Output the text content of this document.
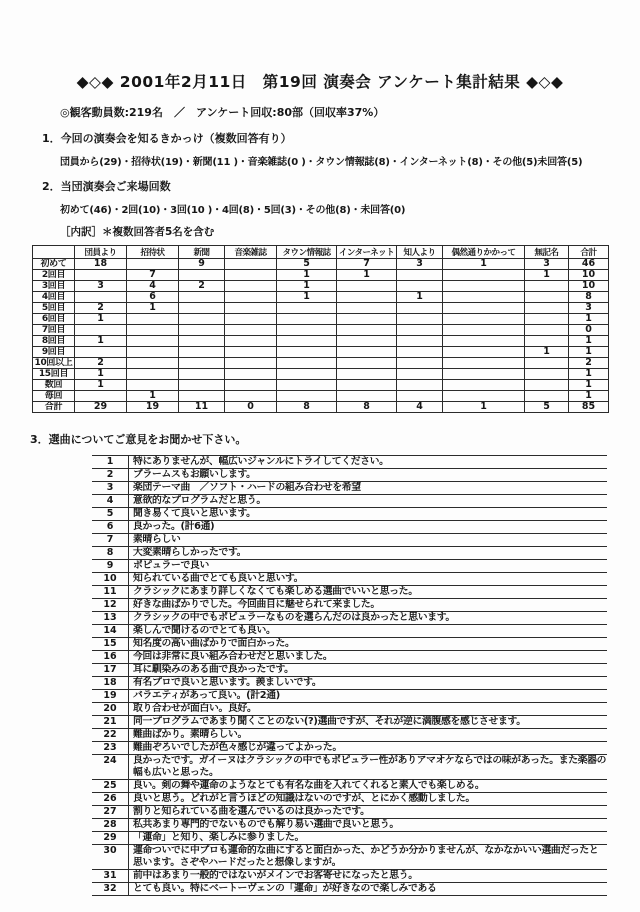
◆◇◆ 2001年2月11日　第19回 演奏会 アンケート集計結果 ◆◇◆
◎観客動員数:219名　／　アンケート回収:80部（回収率37%）
1．今回の演奏会を知るきかっけ（複数回答有り）
団員から(29)・招待状(19)・新聞(11 )・音楽雑誌(0 )・タウン情報誌(8)・インターネット(8)・その他(5)未回答(5)
2．当団演奏会ご来場回数
初めて(46)・2回(10)・3回(10 )・4回(8)・5回(3)・その他(8)・未回答(0)
［内訳］＊複数回答者5名を含む
	団員より	招待状	新聞	音楽雑誌	タウン情報誌	インターネット	知人より	偶然通りかかって	無記名	合計
初めて	18		9		5	7	3	1	3	46
2回目		7			1	1			1	10
3回目	3	4	2		1					10
4回目		6			1		1			8
5回目	2	1								3
6回目	1									1
7回目										0
8回目	1									1
9回目									1	1
10回以上	2									2
15回目	1									1
数回	1									1
毎回		1								1
合計	29	19	11	0	8	8	4	1	5	85
3．選曲についてご意見をお聞かせ下さい。
1	特にありませんが、幅広いジャンルにトライしてください。
2	ブラームスもお願いします。
3	楽団テーマ曲　／ソフト・ハードの組み合わせを希望
4	意欲的なプログラムだと思う。
5	聞き易くて良いと思います。
6	良かった。(計6通)
7	素晴らしい
8	大変素晴らしかったです。
9	ポピュラーで良い
10	知られている曲でとても良いと思いす。
11	クラシックにあまり詳しくなくても楽しめる選曲でいいと思った。
12	好きな曲ばかりでした。今回曲目に魅せられて来ました。
13	クラシックの中でもポピュラーなものを選らんだのは良かったと思います。
14	楽しんで聞けるのでとても良い。
15	知名度の高い曲ばかりで面白かった。
16	今回は非常に良い組み合わせだと思いました。
17	耳に馴染みのある曲で良かったです。
18	有名プロで良いと思います。羨ましいです。
19	バラエティがあって良い。(計2通)
20	取り合わせが面白い。良好。
21	同一プログラムであまり聞くことのない(?)選曲ですが、それが逆に満腹感を感じさせます。
22	難曲ばかり。素晴らしい。
23	難曲ぞろいでしたが色々感じが違ってよかった。
24	良かったです。ガイーヌはクラシックの中でもポピュラー性がありアマオケならではの味があった。また楽器の幅も広いと思った。
25	良い。剣の舞や運命のようなとても有名な曲を入れてくれると素人でも楽しめる。
26	良いと思う。どれがと言うほどの知識はないのですが、とにかく感動しました。
27	割りと知られている曲を選んでいるのは良かったです。
28	私共あまり専門的でないものでも解り易い選曲で良いと思う。
29	「運命」と知り、楽しみに参りました。
30	運命ついでに中プロも運命的な曲にすると面白かった、かどうか分かりませんが、なかなかいい選曲だったと思います。さぞやハードだったと想像しますが。
31	前中はあまり一般的ではないがメインでお客寄せになったと思う。
32	とても良い。特にベートーヴェンの「運命」が好きなので楽しみである
